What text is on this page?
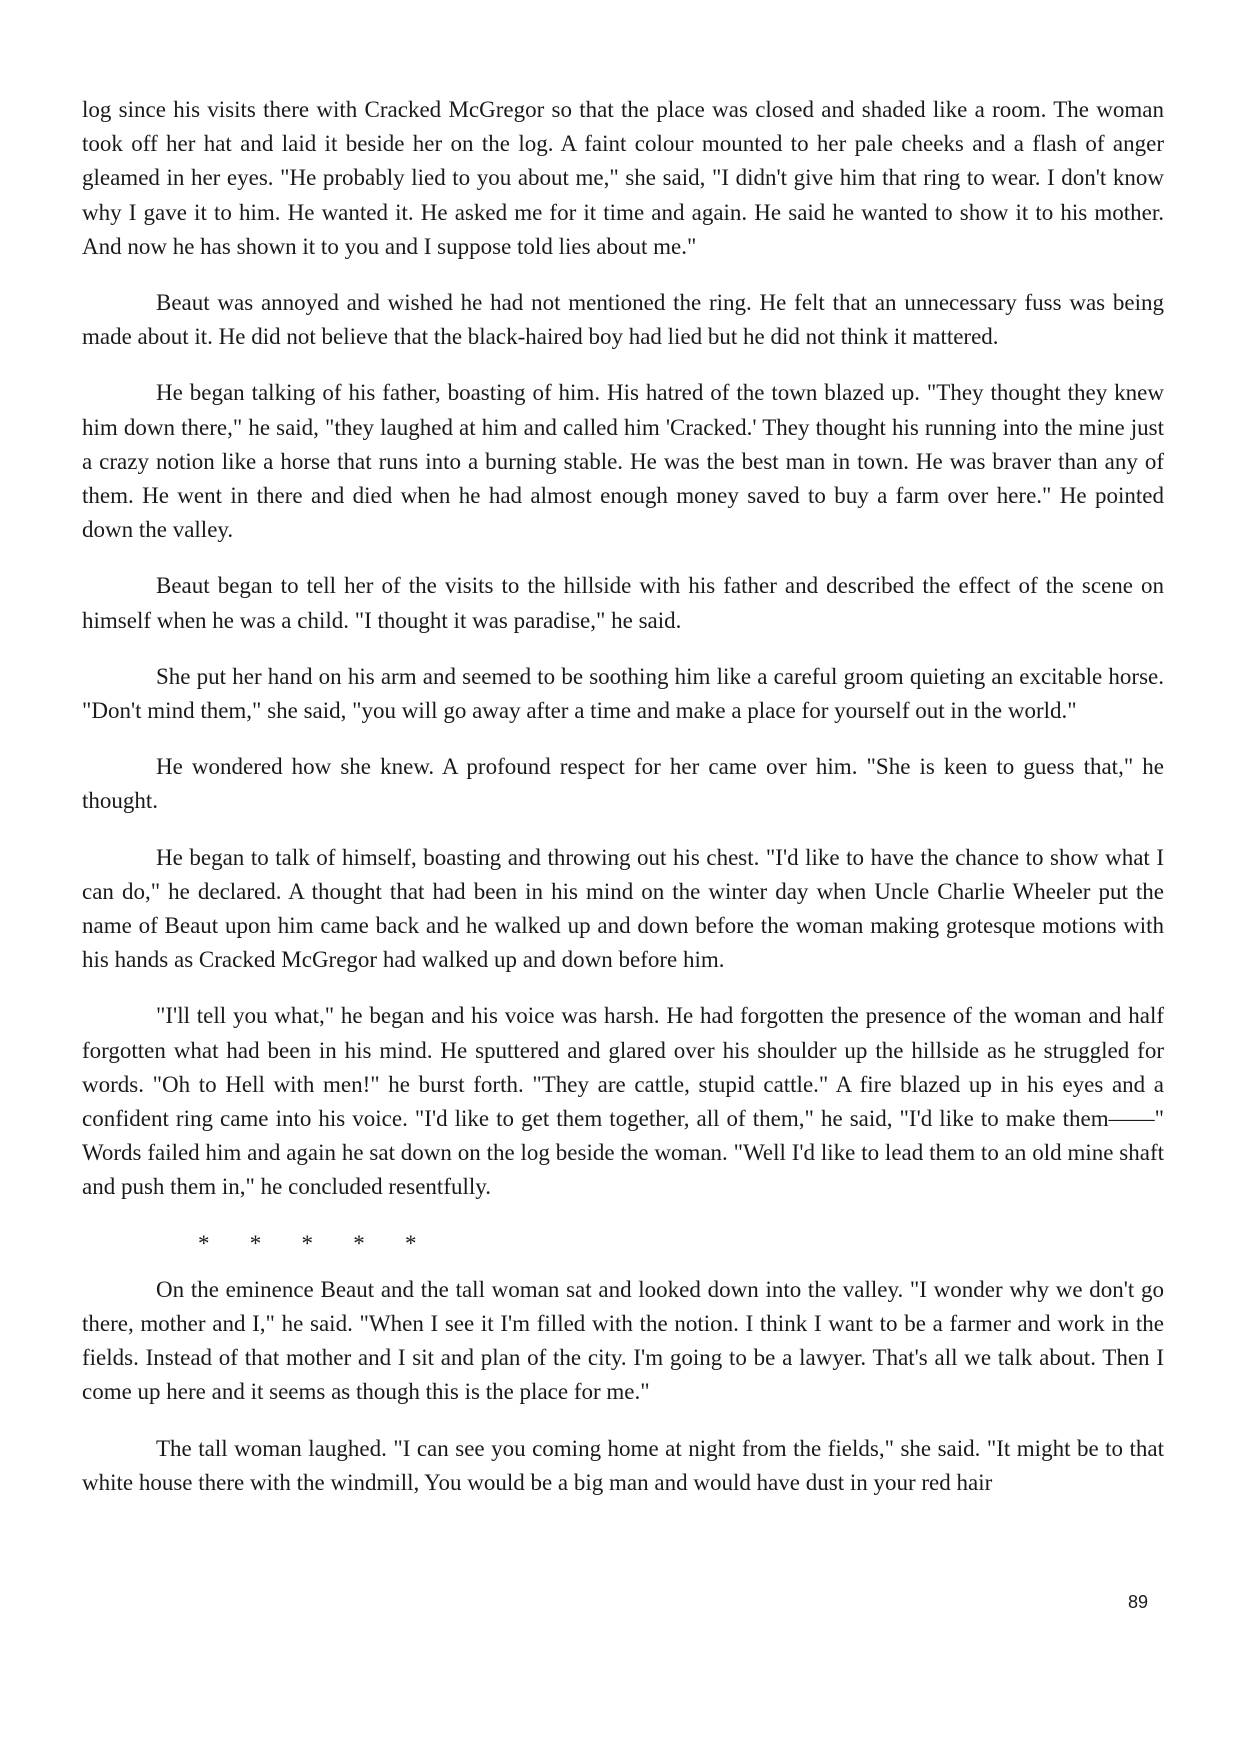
log since his visits there with Cracked McGregor so that the place was closed and shaded like a room. The woman took off her hat and laid it beside her on the log. A faint colour mounted to her pale cheeks and a flash of anger gleamed in her eyes. "He probably lied to you about me," she said, "I didn't give him that ring to wear. I don't know why I gave it to him. He wanted it. He asked me for it time and again. He said he wanted to show it to his mother. And now he has shown it to you and I suppose told lies about me."

Beaut was annoyed and wished he had not mentioned the ring. He felt that an unnecessary fuss was being made about it. He did not believe that the black-haired boy had lied but he did not think it mattered.

He began talking of his father, boasting of him. His hatred of the town blazed up. "They thought they knew him down there," he said, "they laughed at him and called him 'Cracked.' They thought his running into the mine just a crazy notion like a horse that runs into a burning stable. He was the best man in town. He was braver than any of them. He went in there and died when he had almost enough money saved to buy a farm over here." He pointed down the valley.

Beaut began to tell her of the visits to the hillside with his father and described the effect of the scene on himself when he was a child. "I thought it was paradise," he said.

She put her hand on his arm and seemed to be soothing him like a careful groom quieting an excitable horse. "Don't mind them," she said, "you will go away after a time and make a place for yourself out in the world."

He wondered how she knew. A profound respect for her came over him. "She is keen to guess that," he thought.

He began to talk of himself, boasting and throwing out his chest. "I'd like to have the chance to show what I can do," he declared. A thought that had been in his mind on the winter day when Uncle Charlie Wheeler put the name of Beaut upon him came back and he walked up and down before the woman making grotesque motions with his hands as Cracked McGregor had walked up and down before him.

"I'll tell you what," he began and his voice was harsh. He had forgotten the presence of the woman and half forgotten what had been in his mind. He sputtered and glared over his shoulder up the hillside as he struggled for words. "Oh to Hell with men!" he burst forth. "They are cattle, stupid cattle." A fire blazed up in his eyes and a confident ring came into his voice. "I'd like to get them together, all of them," he said, "I'd like to make them——" Words failed him and again he sat down on the log beside the woman. "Well I'd like to lead them to an old mine shaft and push them in," he concluded resentfully.

*       *       *       *       *

On the eminence Beaut and the tall woman sat and looked down into the valley. "I wonder why we don't go there, mother and I," he said. "When I see it I'm filled with the notion. I think I want to be a farmer and work in the fields. Instead of that mother and I sit and plan of the city. I'm going to be a lawyer. That's all we talk about. Then I come up here and it seems as though this is the place for me."

The tall woman laughed. "I can see you coming home at night from the fields," she said. "It might be to that white house there with the windmill, You would be a big man and would have dust in your red hair

89
